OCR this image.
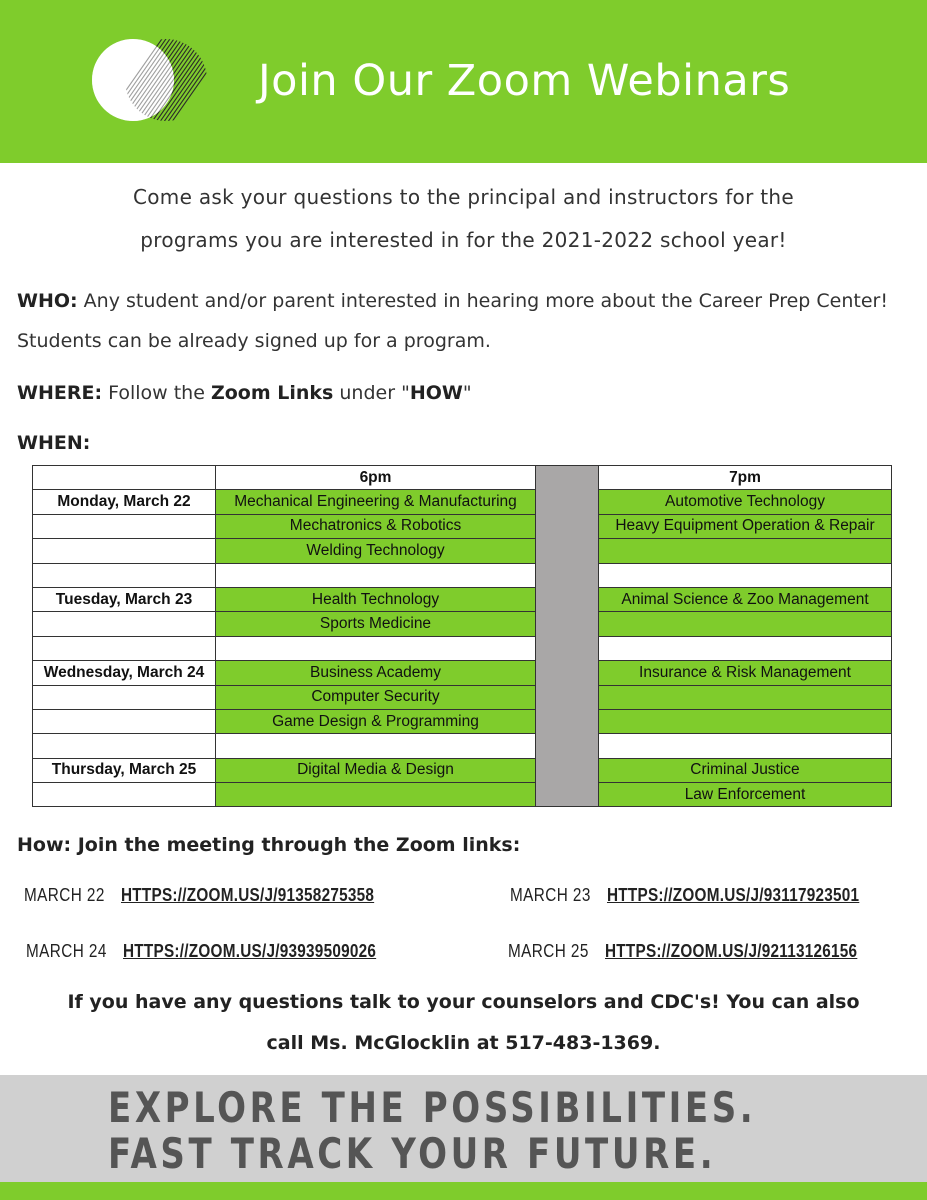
Join Our Zoom Webinars
Come ask your questions to the principal and instructors for the
programs you are interested in for the 2021-2022 school year!
WHO: Any student and/or parent interested in hearing more about the Career Prep Center! Students can be already signed up for a program.
WHERE: Follow the Zoom Links under "HOW"
WHEN:
	6pm		7pm
Monday, March 22	Mechanical Engineering & Manufacturing		Automotive Technology
	Mechatronics & Robotics		Heavy Equipment Operation & Repair
	Welding Technology		

Tuesday, March 23	Health Technology		Animal Science & Zoo Management
	Sports Medicine		

Wednesday, March 24	Business Academy		Insurance & Risk Management
	Computer Security		
	Game Design & Programming		

Thursday, March 25	Digital Media & Design		Criminal Justice
			Law Enforcement
How: Join the meeting through the Zoom links:
MARCH 22 HTTPS://ZOOM.US/J/91358275358	MARCH 23 HTTPS://ZOOM.US/J/93117923501
MARCH 24 HTTPS://ZOOM.US/J/93939509026	MARCH 25 HTTPS://ZOOM.US/J/92113126156
If you have any questions talk to your counselors and CDC's! You can also
call Ms. McGlocklin at 517-483-1369.
EXPLORE THE POSSIBILITIES.
FAST TRACK YOUR FUTURE.
